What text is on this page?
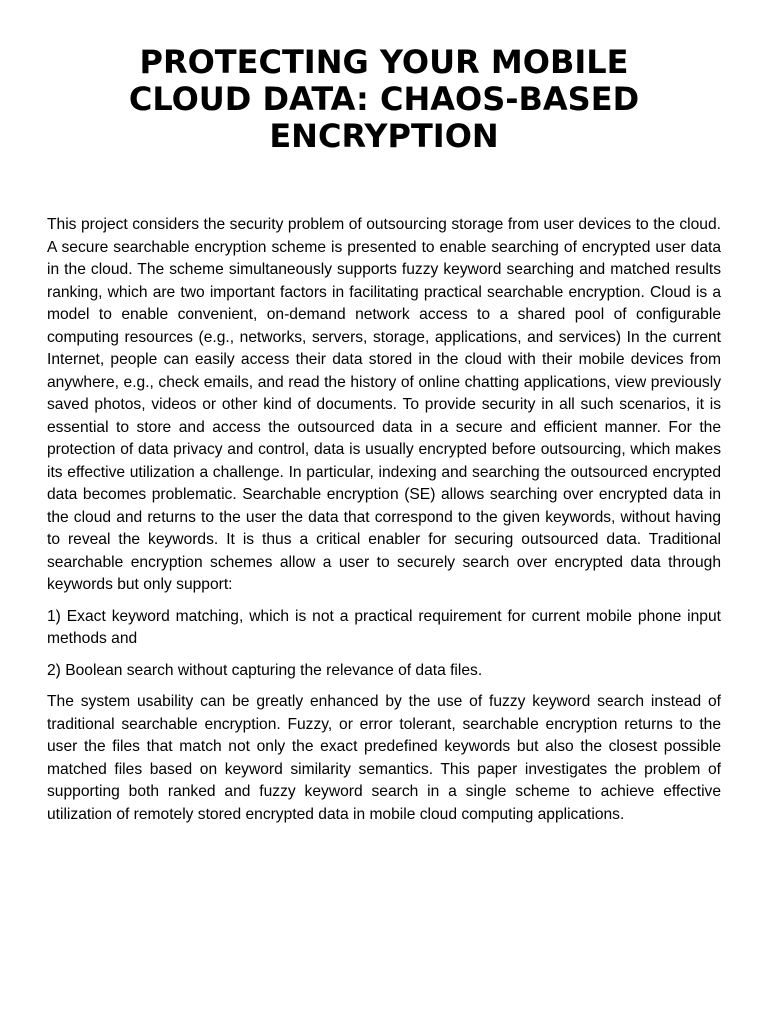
PROTECTING YOUR MOBILE CLOUD DATA: CHAOS-BASED ENCRYPTION

This project considers the security problem of outsourcing storage from user devices to the cloud. A secure searchable encryption scheme is presented to enable searching of encrypted user data in the cloud. The scheme simultaneously supports fuzzy keyword searching and matched results ranking, which are two important factors in facilitating practical searchable encryption. Cloud is a model to enable convenient, on-demand network access to a shared pool of configurable computing resources (e.g., networks, servers, storage, applications, and services) In the current Internet, people can easily access their data stored in the cloud with their mobile devices from anywhere, e.g., check emails, and read the history of online chatting applications, view previously saved photos, videos or other kind of documents. To provide security in all such scenarios, it is essential to store and access the outsourced data in a secure and efficient manner. For the protection of data privacy and control, data is usually encrypted before outsourcing, which makes its effective utilization a challenge. In particular, indexing and searching the outsourced encrypted data becomes problematic. Searchable encryption (SE) allows searching over encrypted data in the cloud and returns to the user the data that correspond to the given keywords, without having to reveal the keywords. It is thus a critical enabler for securing outsourced data. Traditional searchable encryption schemes allow a user to securely search over encrypted data through keywords but only support:

1) Exact keyword matching, which is not a practical requirement for current mobile phone input methods and

2) Boolean search without capturing the relevance of data files.

The system usability can be greatly enhanced by the use of fuzzy keyword search instead of traditional searchable encryption. Fuzzy, or error tolerant, searchable encryption returns to the user the files that match not only the exact predefined keywords but also the closest possible matched files based on keyword similarity semantics. This paper investigates the problem of supporting both ranked and fuzzy keyword search in a single scheme to achieve effective utilization of remotely stored encrypted data in mobile cloud computing applications.
